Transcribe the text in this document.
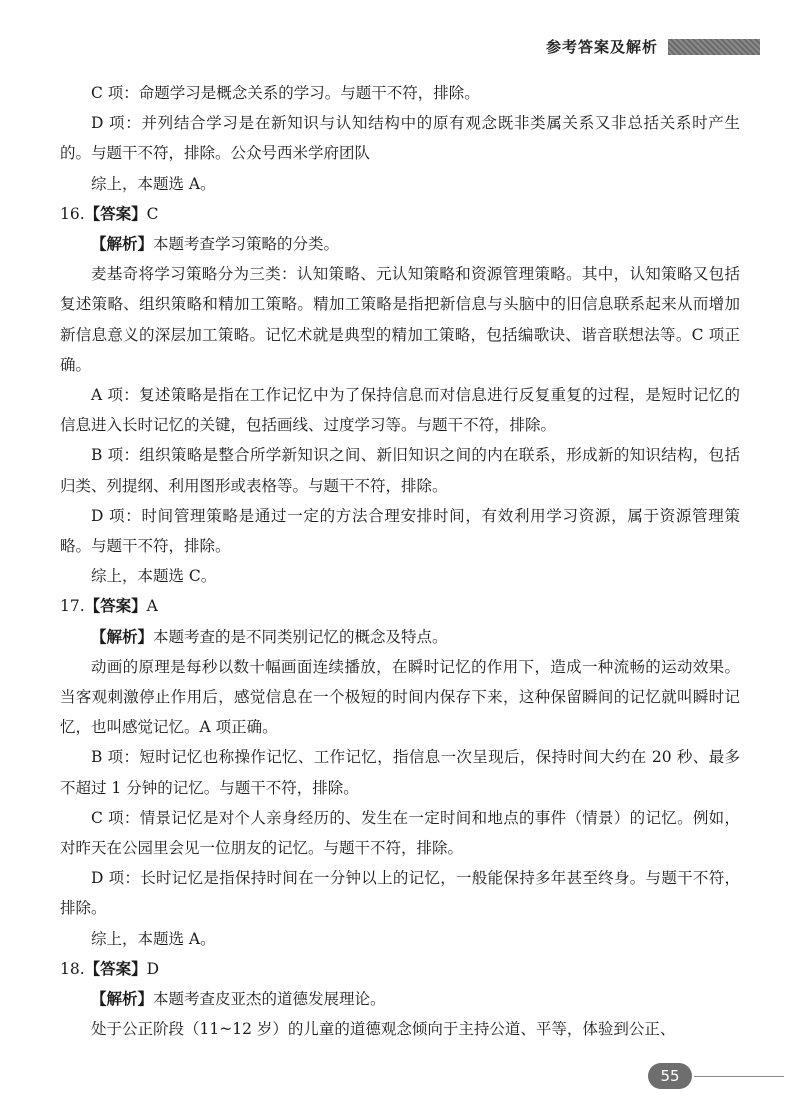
参考答案及解析

C 项：命题学习是概念关系的学习。与题干不符，排除。

D 项：并列结合学习是在新知识与认知结构中的原有观念既非类属关系又非总括关系时产生的。与题干不符，排除。公众号西米学府团队

综上，本题选 A。

16.【答案】C

【解析】本题考查学习策略的分类。

麦基奇将学习策略分为三类：认知策略、元认知策略和资源管理策略。其中，认知策略又包括复述策略、组织策略和精加工策略。精加工策略是指把新信息与头脑中的旧信息联系起来从而增加新信息意义的深层加工策略。记忆术就是典型的精加工策略，包括编歌诀、谐音联想法等。C 项正确。

A 项：复述策略是指在工作记忆中为了保持信息而对信息进行反复重复的过程，是短时记忆的信息进入长时记忆的关键，包括画线、过度学习等。与题干不符，排除。

B 项：组织策略是整合所学新知识之间、新旧知识之间的内在联系，形成新的知识结构，包括归类、列提纲、利用图形或表格等。与题干不符，排除。

D 项：时间管理策略是通过一定的方法合理安排时间，有效利用学习资源，属于资源管理策略。与题干不符，排除。

综上，本题选 C。

17.【答案】A

【解析】本题考查的是不同类别记忆的概念及特点。

动画的原理是每秒以数十幅画面连续播放，在瞬时记忆的作用下，造成一种流畅的运动效果。当客观刺激停止作用后，感觉信息在一个极短的时间内保存下来，这种保留瞬间的记忆就叫瞬时记忆，也叫感觉记忆。A 项正确。

B 项：短时记忆也称操作记忆、工作记忆，指信息一次呈现后，保持时间大约在 20 秒、最多不超过 1 分钟的记忆。与题干不符，排除。

C 项：情景记忆是对个人亲身经历的、发生在一定时间和地点的事件（情景）的记忆。例如，对昨天在公园里会见一位朋友的记忆。与题干不符，排除。

D 项：长时记忆是指保持时间在一分钟以上的记忆，一般能保持多年甚至终身。与题干不符，排除。

综上，本题选 A。

18.【答案】D

【解析】本题考查皮亚杰的道德发展理论。

处于公正阶段（11~12 岁）的儿童的道德观念倾向于主持公道、平等，体验到公正、

55
